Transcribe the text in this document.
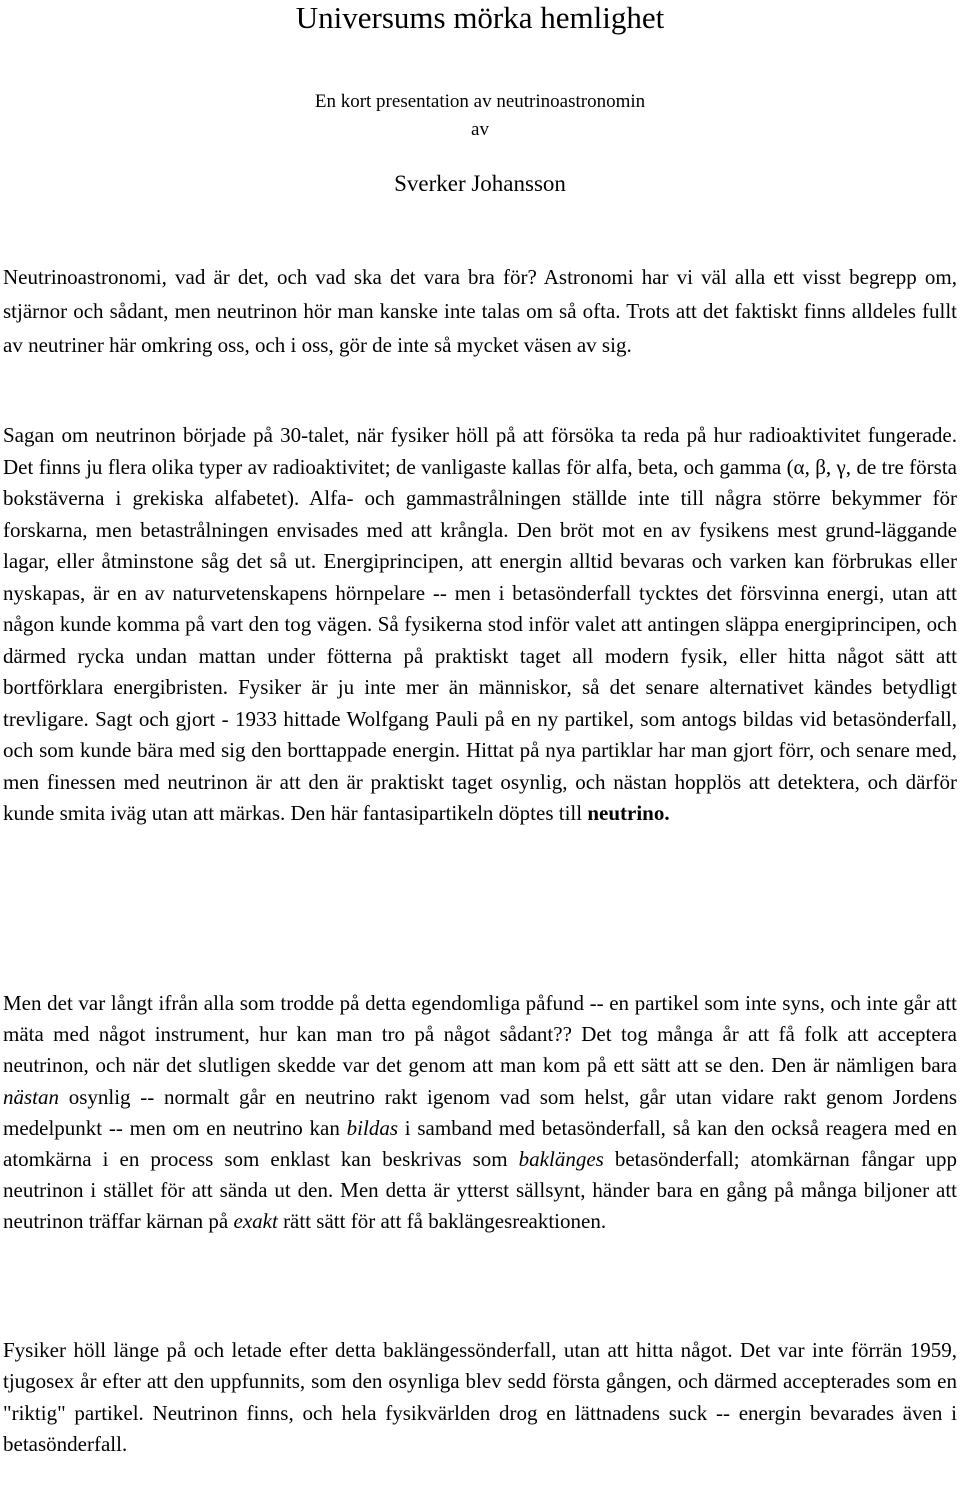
Universums mörka hemlighet

En kort presentation av neutrinoastronomin

av

Sverker Johansson

Neutrinoastronomi, vad är det, och vad ska det vara bra för? Astronomi har vi väl alla ett visst begrepp om, stjärnor och sådant, men neutrinon hör man kanske inte talas om så ofta. Trots att det faktiskt finns alldeles fullt av neutriner här omkring oss, och i oss, gör de inte så mycket väsen av sig.

Sagan om neutrinon började på 30-talet, när fysiker höll på att försöka ta reda på hur radioaktivitet fungerade. Det finns ju flera olika typer av radioaktivitet; de vanligaste kallas för alfa, beta, och gamma (α, β, γ, de tre första bokstäverna i grekiska alfabetet). Alfa- och gammastrålningen ställde inte till några större bekymmer för forskarna, men betastrålningen envisades med att krångla. Den bröt mot en av fysikens mest grund-läggande lagar, eller åtminstone såg det så ut. Energiprincipen, att energin alltid bevaras och varken kan förbrukas eller nyskapas, är en av naturvetenskapens hörnpelare -- men i betasönderfall tycktes det försvinna energi, utan att någon kunde komma på vart den tog vägen. Så fysikerna stod inför valet att antingen släppa energiprincipen, och därmed rycka undan mattan under fötterna på praktiskt taget all modern fysik, eller hitta något sätt att bortförklara energibristen. Fysiker är ju inte mer än människor, så det senare alternativet kändes betydligt trevligare. Sagt och gjort - 1933 hittade Wolfgang Pauli på en ny partikel, som antogs bildas vid betasönderfall, och som kunde bära med sig den borttappade energin. Hittat på nya partiklar har man gjort förr, och senare med, men finessen med neutrinon är att den är praktiskt taget osynlig, och nästan hopplös att detektera, och därför kunde smita iväg utan att märkas. Den här fantasipartikeln döptes till neutrino.

Men det var långt ifrån alla som trodde på detta egendomliga påfund -- en partikel som inte syns, och inte går att mäta med något instrument, hur kan man tro på något sådant?? Det tog många år att få folk att acceptera neutrinon, och när det slutligen skedde var det genom att man kom på ett sätt att se den. Den är nämligen bara nästan osynlig -- normalt går en neutrino rakt igenom vad som helst, går utan vidare rakt genom Jordens medelpunkt -- men om en neutrino kan bildas i samband med betasönderfall, så kan den också reagera med en atomkärna i en process som enklast kan beskrivas som baklänges betasönderfall; atomkärnan fångar upp neutrinon i stället för att sända ut den. Men detta är ytterst sällsynt, händer bara en gång på många biljoner att neutrinon träffar kärnan på exakt rätt sätt för att få baklängesreaktionen.

Fysiker höll länge på och letade efter detta baklängessönderfall, utan att hitta något. Det var inte förrän 1959, tjugosex år efter att den uppfunnits, som den osynliga blev sedd första gången, och därmed accepterades som en "riktig" partikel. Neutrinon finns, och hela fysikvärlden drog en lättnadens suck -- energin bevarades även i betasönderfall.
